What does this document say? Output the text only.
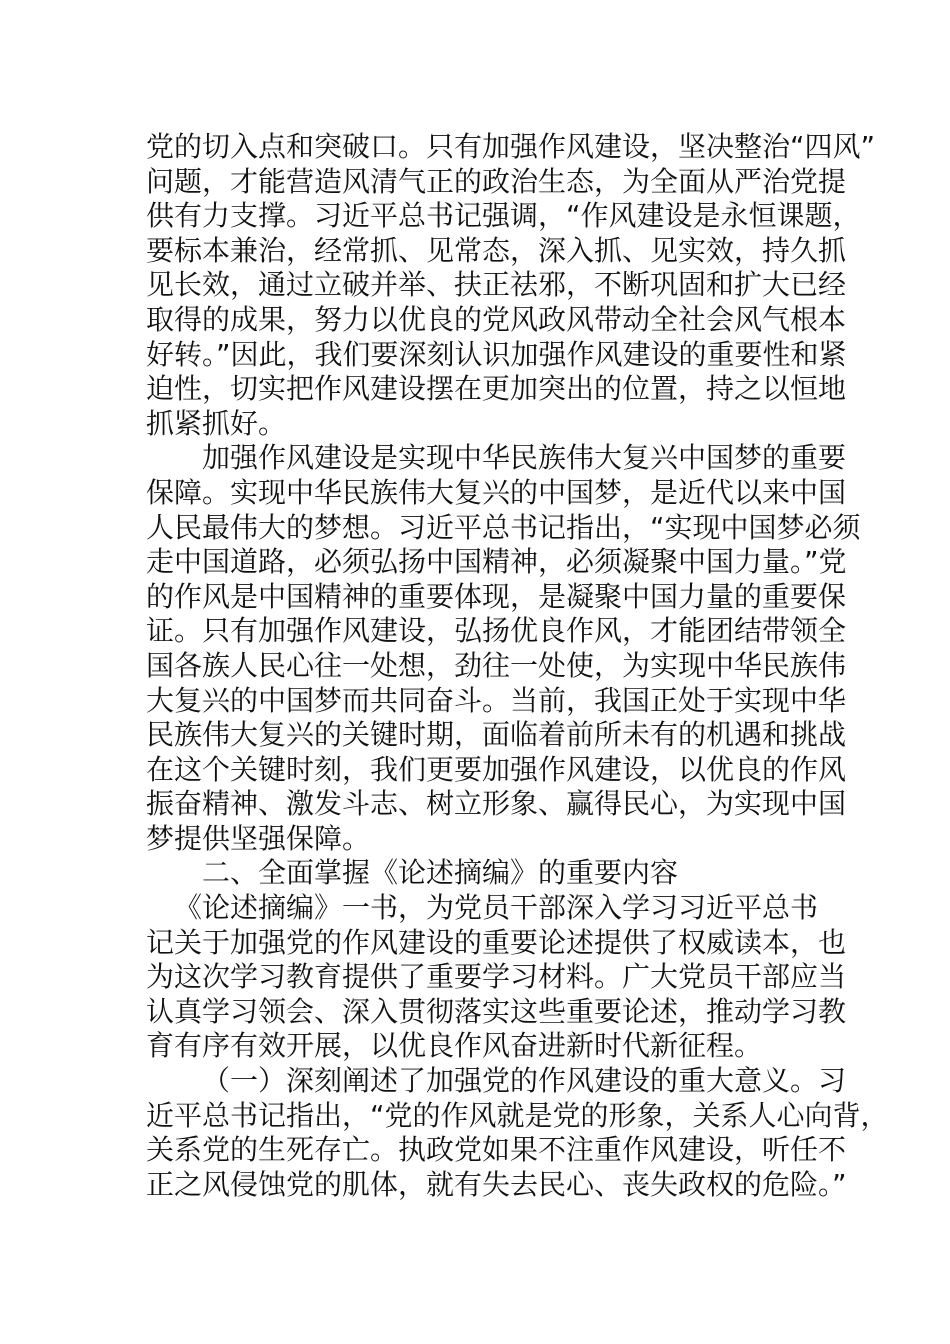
党的切入点和突破口。只有加强作风建设，坚决整治“四风”
问题，才能营造风清气正的政治生态，为全面从严治党提
供有力支撑。习近平总书记强调，“作风建设是永恒课题，
要标本兼治，经常抓、见常态，深入抓、见实效，持久抓
见长效，通过立破并举、扶正祛邪，不断巩固和扩大已经
取得的成果，努力以优良的党风政风带动全社会风气根本
好转。”因此，我们要深刻认识加强作风建设的重要性和紧
迫性，切实把作风建设摆在更加突出的位置，持之以恒地
抓紧抓好。
加强作风建设是实现中华民族伟大复兴中国梦的重要
保障。实现中华民族伟大复兴的中国梦，是近代以来中国
人民最伟大的梦想。习近平总书记指出，“实现中国梦必须
走中国道路，必须弘扬中国精神，必须凝聚中国力量。”党
的作风是中国精神的重要体现，是凝聚中国力量的重要保
证。只有加强作风建设，弘扬优良作风，才能团结带领全
国各族人民心往一处想，劲往一处使，为实现中华民族伟
大复兴的中国梦而共同奋斗。当前，我国正处于实现中华
民族伟大复兴的关键时期，面临着前所未有的机遇和挑战
在这个关键时刻，我们更要加强作风建设，以优良的作风
振奋精神、激发斗志、树立形象、赢得民心，为实现中国
梦提供坚强保障。
二、全面掌握《论述摘编》的重要内容
《论述摘编》一书，为党员干部深入学习习近平总书
记关于加强党的作风建设的重要论述提供了权威读本，也
为这次学习教育提供了重要学习材料。广大党员干部应当
认真学习领会、深入贯彻落实这些重要论述，推动学习教
育有序有效开展，以优良作风奋进新时代新征程。
（一）深刻阐述了加强党的作风建设的重大意义。习
近平总书记指出，“党的作风就是党的形象，关系人心向背，
关系党的生死存亡。执政党如果不注重作风建设，听任不
正之风侵蚀党的肌体，就有失去民心、丧失政权的危险。”
